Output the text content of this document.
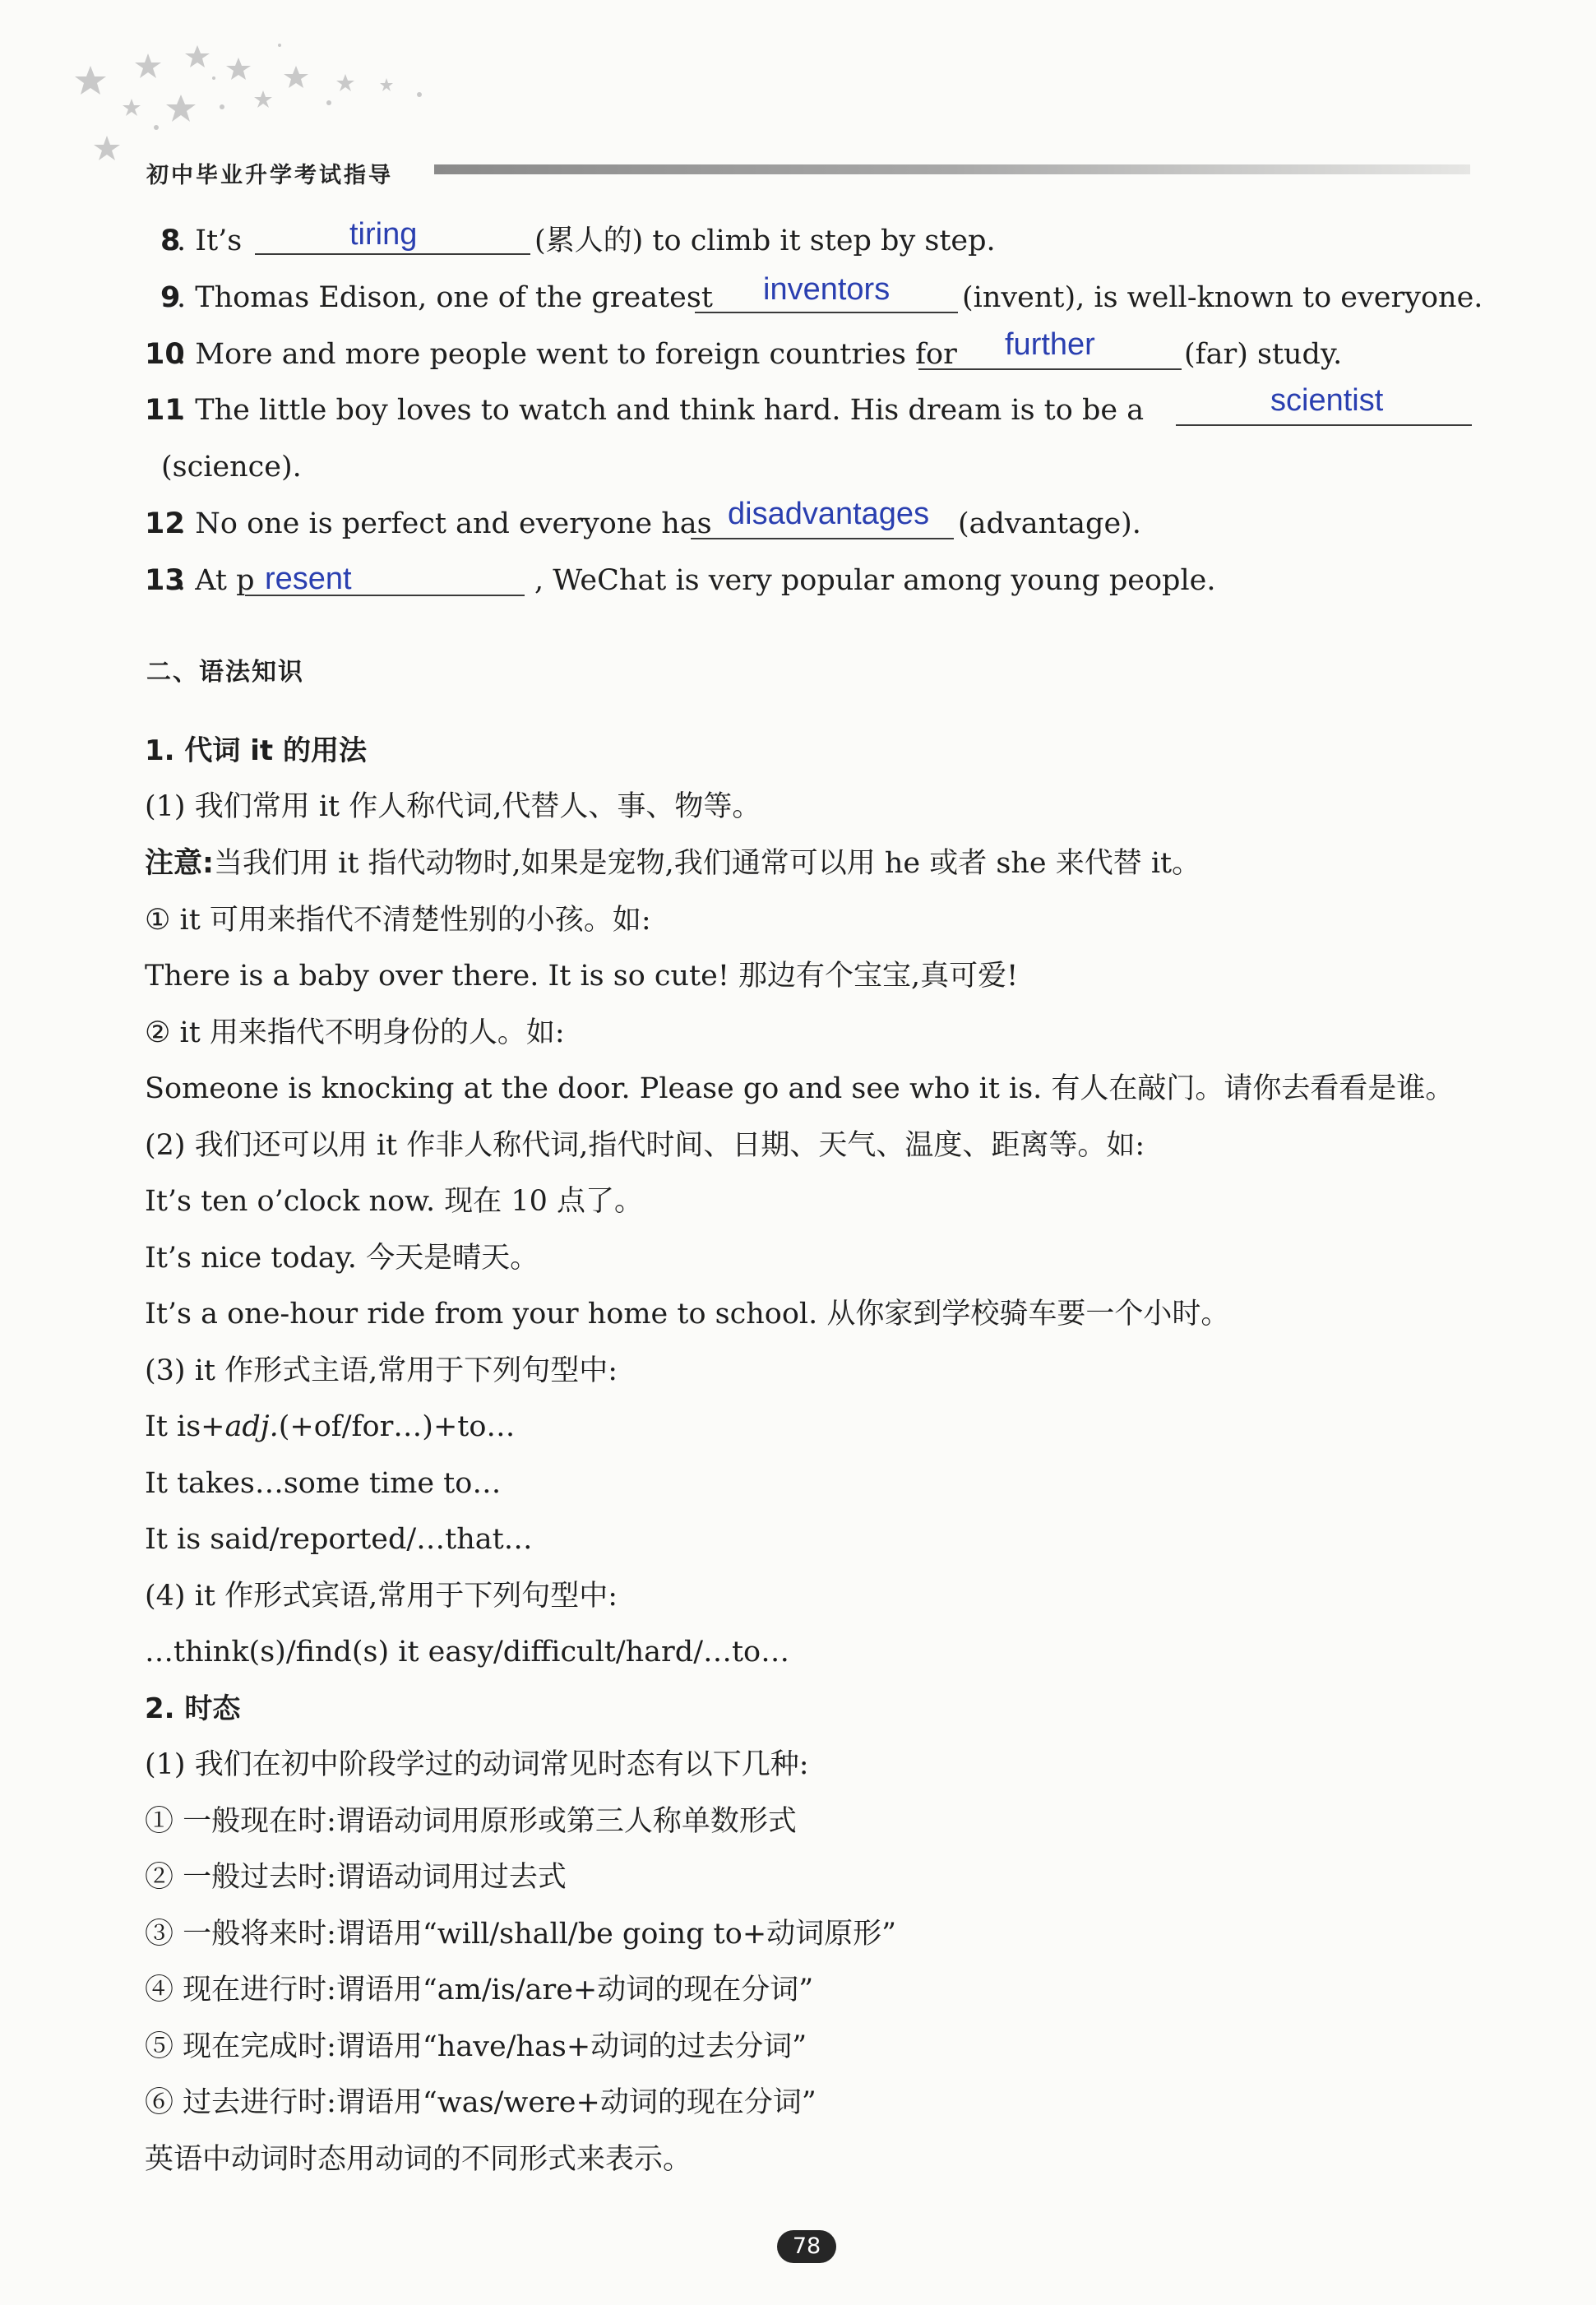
初中毕业升学考试指导
8
. It’s	tiring	(累人的) to climb it step by step.
9
. Thomas Edison, one of the greatest inventors	(invent), is well-known to everyone.
10
. More and more people went to foreign countries for further	(far) study.
11
. The little boy loves to watch and think hard. His dream is to be a	scientist
(science).
12
. No one is perfect and everyone has disadvantages (advantage).
13
. At p resent	, WeChat is very popular among young people.
二、语法知识
1. 代词 it 的用法
(1) 我们常用 it 作人称代词,代替人、事、物等。
注意:当我们用 it 指代动物时,如果是宠物,我们通常可以用 he 或者 she 来代替 it。
① it 可用来指代不清楚性别的小孩。如:
There is a baby over there. It is so cute! 那边有个宝宝,真可爱!
② it 用来指代不明身份的人。如:
Someone is knocking at the door. Please go and see who it is. 有人在敲门。请你去看看是谁。
(2) 我们还可以用 it 作非人称代词,指代时间、日期、天气、温度、距离等。如:
It’s ten o’clock now. 现在 10 点了。
It’s nice today. 今天是晴天。
It’s a one-hour ride from your home to school. 从你家到学校骑车要一个小时。
(3) it 作形式主语,常用于下列句型中:
It is+adj.(+of/for…)+to…
It takes…some time to…
It is said/reported/…that…
(4) it 作形式宾语,常用于下列句型中:
…think(s)/find(s) it easy/difficult/hard/…to…
2. 时态
(1) 我们在初中阶段学过的动词常见时态有以下几种:
① 一般现在时:谓语动词用原形或第三人称单数形式
② 一般过去时:谓语动词用过去式
③ 一般将来时:谓语用“will/shall/be going to+动词原形”
④ 现在进行时:谓语用“am/is/are+动词的现在分词”
⑤ 现在完成时:谓语用“have/has+动词的过去分词”
⑥ 过去进行时:谓语用“was/were+动词的现在分词”
英语中动词时态用动词的不同形式来表示。
78
